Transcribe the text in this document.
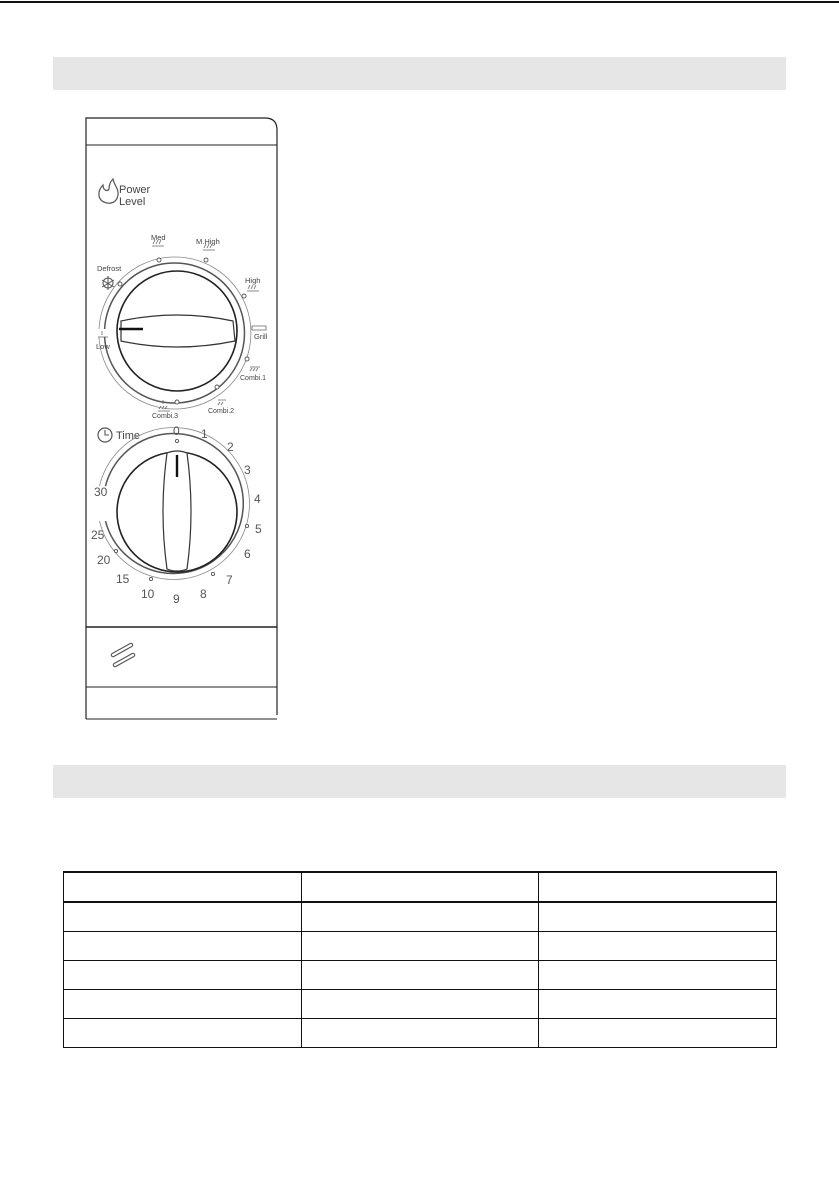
Power
Level
Med	M.High
High
Grill
Combi.1
Combi.2
Combi.3
Low
Defrost
Time	0 1
2
3
4
5
6
7
8
9
10
15
20
25
30
